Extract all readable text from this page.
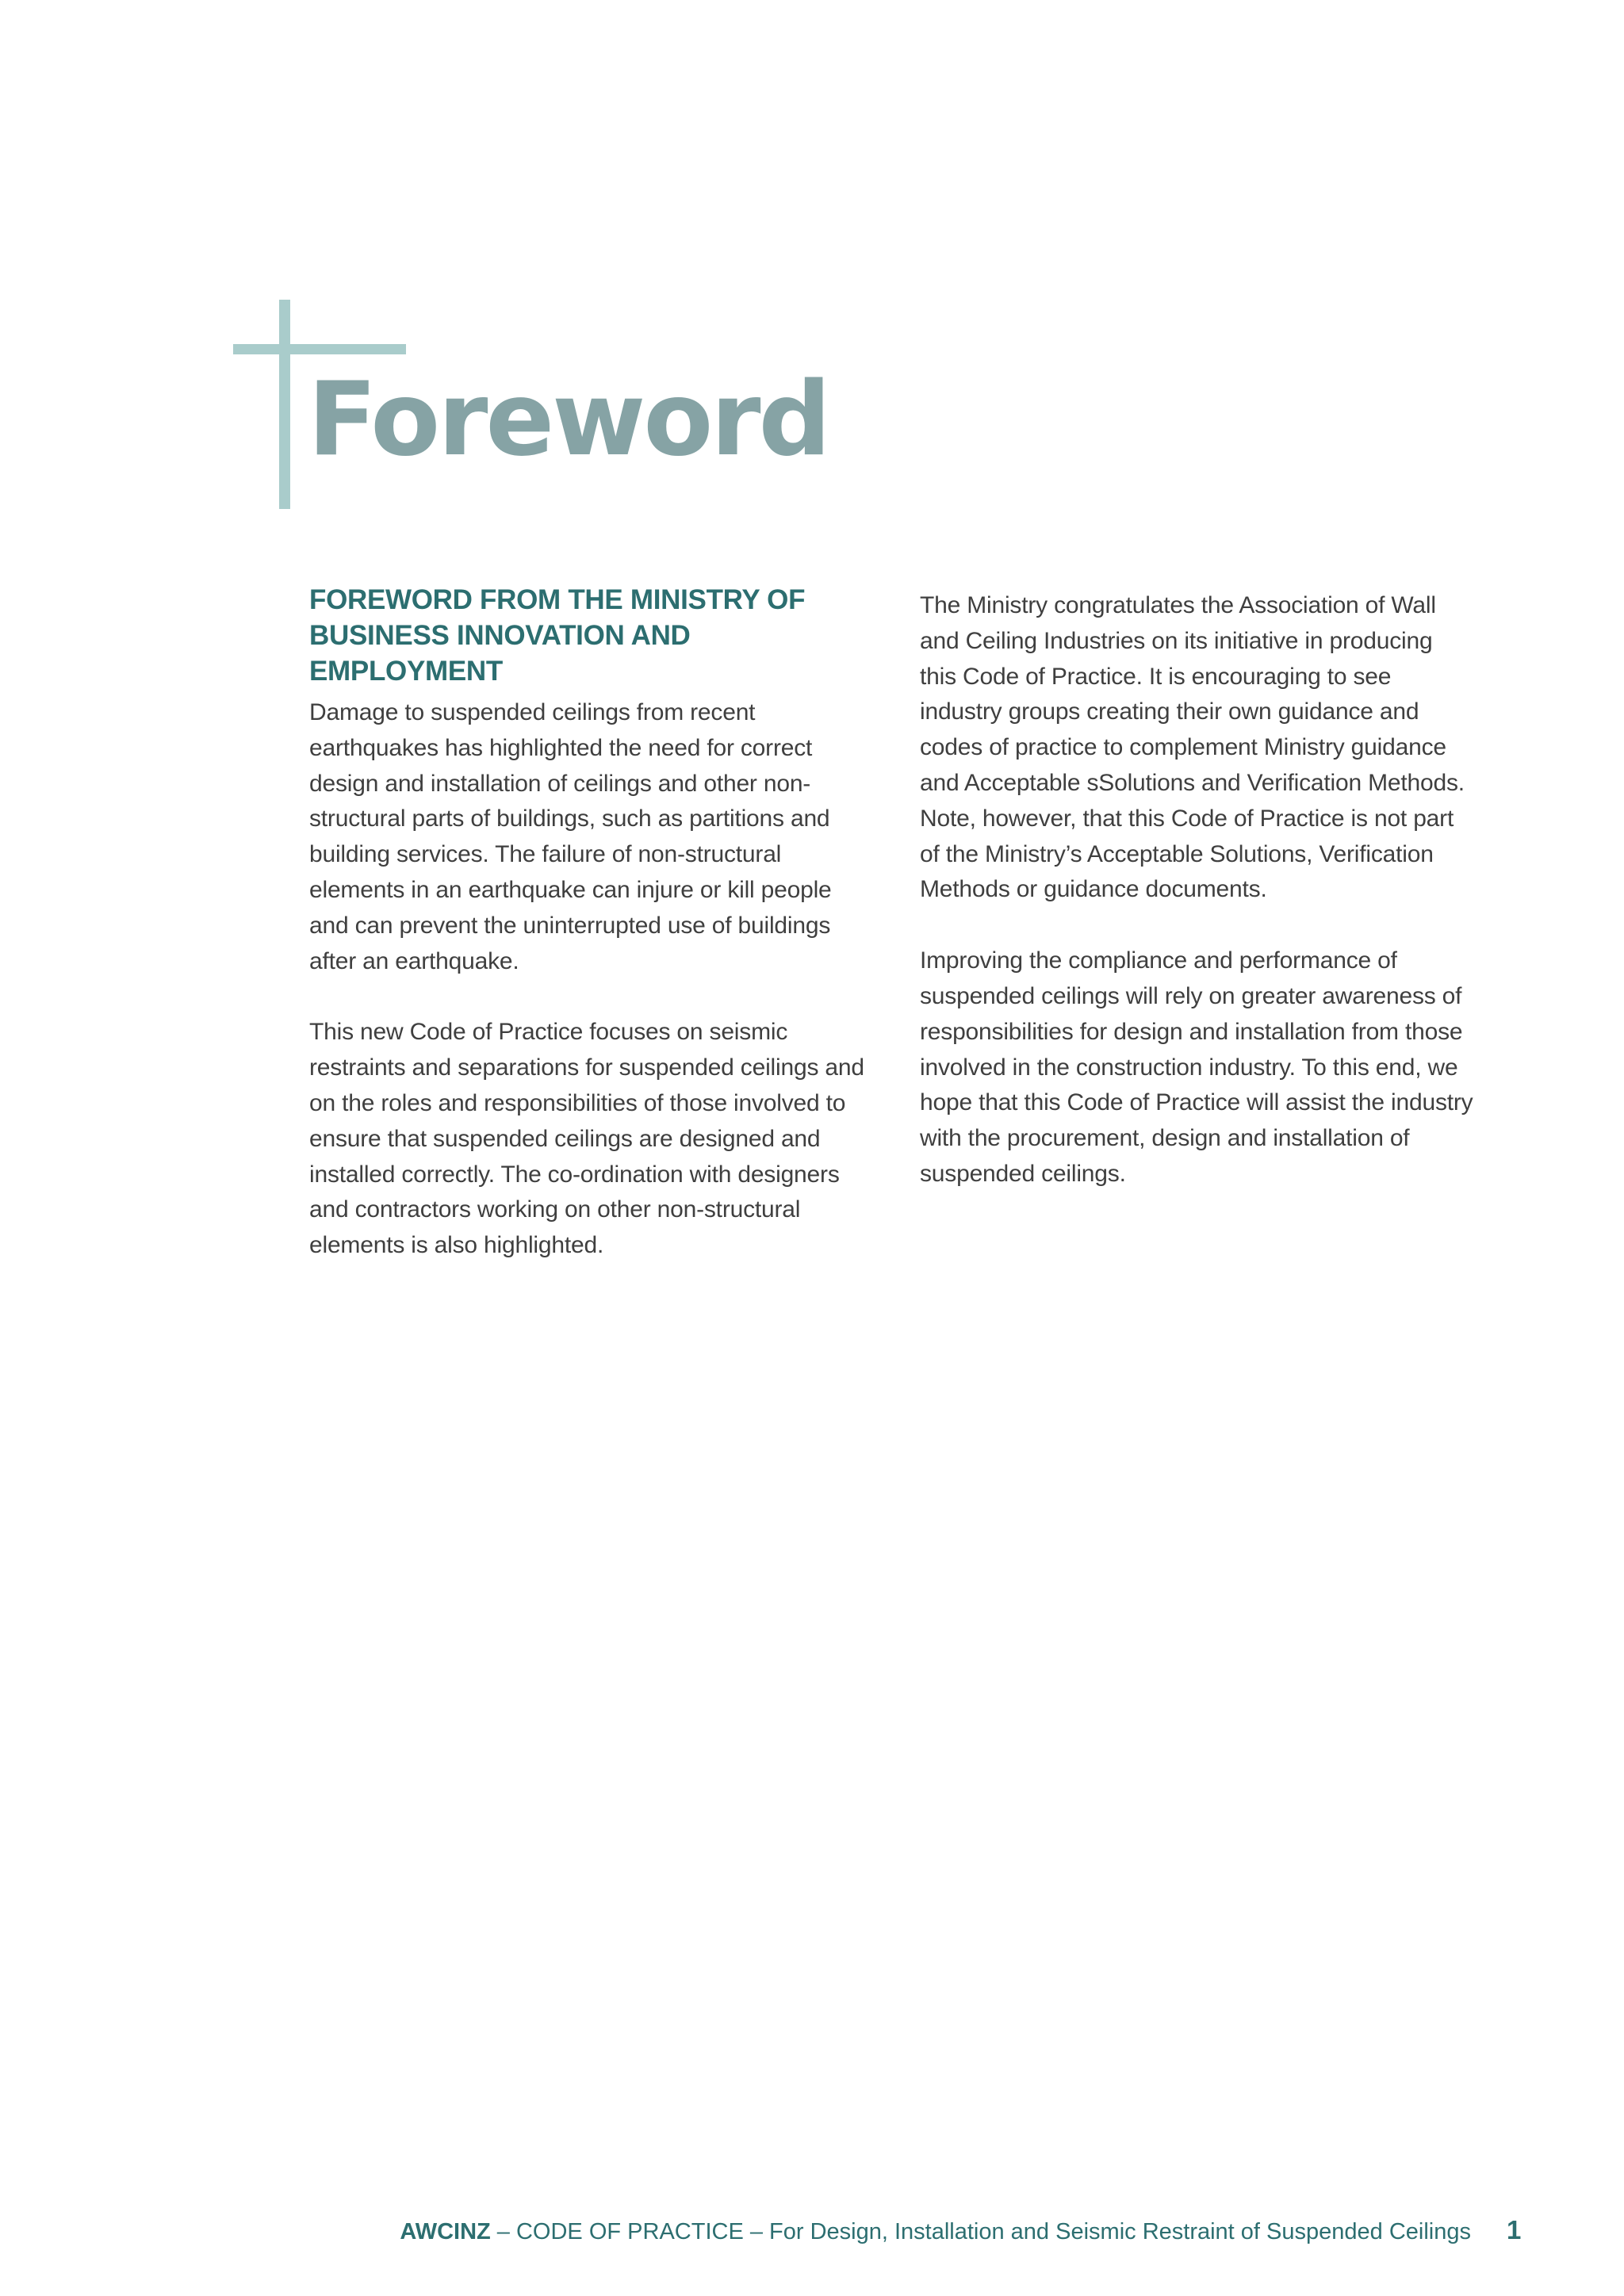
Foreword
FOREWORD FROM THE MINISTRY OF BUSINESS INNOVATION AND EMPLOYMENT

Damage to suspended ceilings from recent earthquakes has highlighted the need for correct design and installation of ceilings and other non-structural parts of buildings, such as partitions and building services. The failure of non-structural elements in an earthquake can injure or kill people and can prevent the uninterrupted use of buildings after an earthquake.

This new Code of Practice focuses on seismic restraints and separations for suspended ceilings and on the roles and responsibilities of those involved to ensure that suspended ceilings are designed and installed correctly. The co-ordination with designers and contractors working on other non-structural elements is also highlighted.

The Ministry congratulates the Association of Wall and Ceiling Industries on its initiative in producing this Code of Practice. It is encouraging to see industry groups creating their own guidance and codes of practice to complement Ministry guidance and Acceptable sSolutions and Verification Methods. Note, however, that this Code of Practice is not part of the Ministry’s Acceptable Solutions, Verification Methods or guidance documents.

Improving the compliance and performance of suspended ceilings will rely on greater awareness of responsibilities for design and installation from those involved in the construction industry. To this end, we hope that this Code of Practice will assist the industry with the procurement, design and installation of suspended ceilings.

AWCINZ – CODE OF PRACTICE – For Design, Installation and Seismic Restraint of Suspended Ceilings 1
